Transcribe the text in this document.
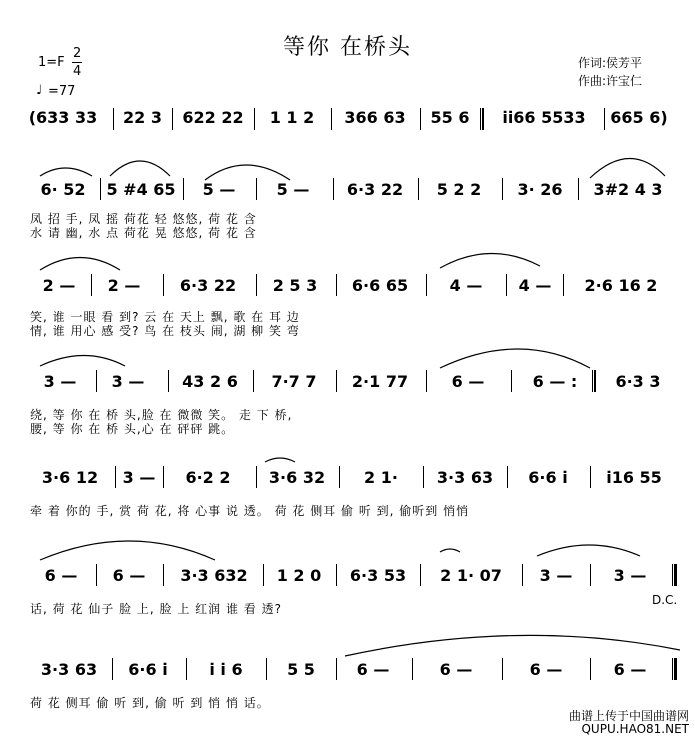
等你 在桥头
作词:侯芳平
作曲:许宝仁
1=F
2
4
♩ =77
(633 33	22 3	622 22	1 1 2	366 63	55 6	i̇i̇66 5533	665 6)
6· 52	5 #4 65	5 —	5 —	6·3 22	5 2 2	3· 26	3#2 4 3
凤 招 手, 凤 摇 荷花 轻 悠悠, 荷 花 含
水 请 幽, 水 点 荷花 晃 悠悠, 荷 花 含
2 —	2 —	6·3 22	2 5 3	6·6 65	4 —	4 —	2·6 16 2
笑, 谁 一眼 看 到? 云 在 天上 飘, 歌 在 耳 边
情, 谁 用心 感 受? 鸟 在 枝头 闹, 湖 柳 笑 弯
3 —	3 —	43 2 6	7·7 7	2·1 77	6 —	6 — :	6·3 3
绕, 等 你 在 桥 头,脸 在 微微 笑。 走 下 桥,
腰, 等 你 在 桥 头,心 在 砰砰 跳。
3·6 12	3 —	6·2 2	3·6 32	2 1·	3·3 63	6·6 i̇	i̇16 55
牵 着 你的 手, 赏 荷 花, 将 心事 说 透。 荷 花 侧耳 偷 听 到, 偷听到 悄悄
6 —	6 —	3·3 632	1 2 0	6·3 53	2 1· 07	3 —	3 —
D.C.
话, 荷 花 仙子 脸 上, 脸 上 红润 谁 看 透?
3·3 63	6·6 i̇	i̇ i̇ 6	5 5	6 —	6 —	6 —	6 —
荷 花 侧耳 偷 听 到, 偷 听 到 悄 悄 话。
曲谱上传于中国曲谱网
QUPU.HAO81.NET
